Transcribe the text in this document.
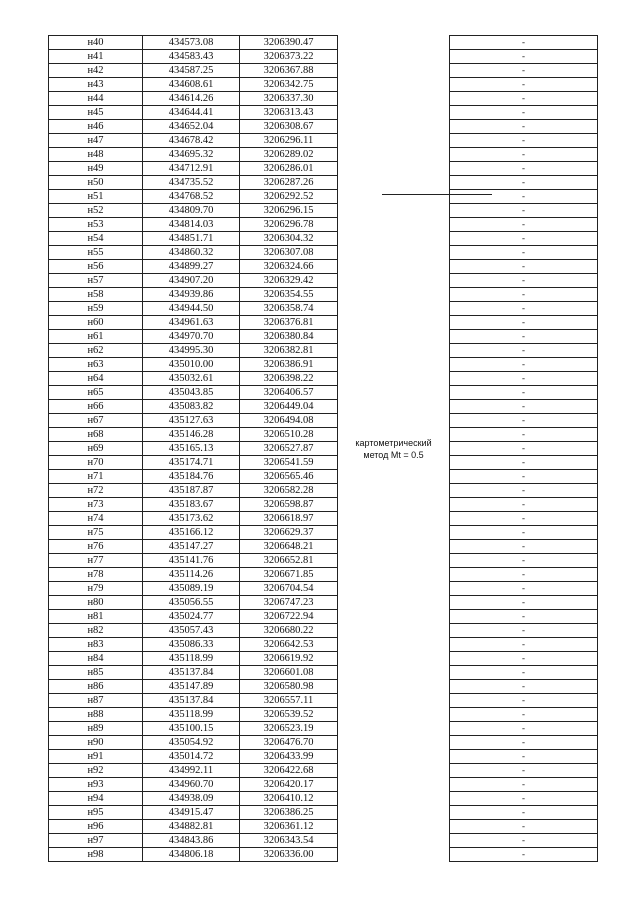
н40	434573.08	3206390.47	картометрический метод Mt = 0.5	-
н41	434583.43	3206373.22		-
н42	434587.25	3206367.88		-
н43	434608.61	3206342.75		-
н44	434614.26	3206337.30		-
н45	434644.41	3206313.43		-
н46	434652.04	3206308.67		-
н47	434678.42	3206296.11		-
н48	434695.32	3206289.02		-
н49	434712.91	3206286.01		-
н50	434735.52	3206287.26		-
н51	434768.52	3206292.52		-
н52	434809.70	3206296.15		-
н53	434814.03	3206296.78		-
н54	434851.71	3206304.32		-
н55	434860.32	3206307.08		-
н56	434899.27	3206324.66		-
н57	434907.20	3206329.42		-
н58	434939.86	3206354.55		-
н59	434944.50	3206358.74		-
н60	434961.63	3206376.81		-
н61	434970.70	3206380.84		-
н62	434995.30	3206382.81		-
н63	435010.00	3206386.91		-
н64	435032.61	3206398.22		-
н65	435043.85	3206406.57		-
н66	435083.82	3206449.04		-
н67	435127.63	3206494.08		-
н68	435146.28	3206510.28		-
н69	435165.13	3206527.87		-
н70	435174.71	3206541.59		-
н71	435184.76	3206565.46		-
н72	435187.87	3206582.28		-
н73	435183.67	3206598.87		-
н74	435173.62	3206618.97		-
н75	435166.12	3206629.37		-
н76	435147.27	3206648.21		-
н77	435141.76	3206652.81		-
н78	435114.26	3206671.85		-
н79	435089.19	3206704.54		-
н80	435056.55	3206747.23		-
н81	435024.77	3206722.94		-
н82	435057.43	3206680.22		-
н83	435086.33	3206642.53		-
н84	435118.99	3206619.92		-
н85	435137.84	3206601.08		-
н86	435147.89	3206580.98		-
н87	435137.84	3206557.11		-
н88	435118.99	3206539.52		-
н89	435100.15	3206523.19		-
н90	435054.92	3206476.70		-
н91	435014.72	3206433.99		-
н92	434992.11	3206422.68		-
н93	434960.70	3206420.17		-
н94	434938.09	3206410.12		-
н95	434915.47	3206386.25		-
н96	434882.81	3206361.12		-
н97	434843.86	3206343.54		-
н98	434806.18	3206336.00		-
